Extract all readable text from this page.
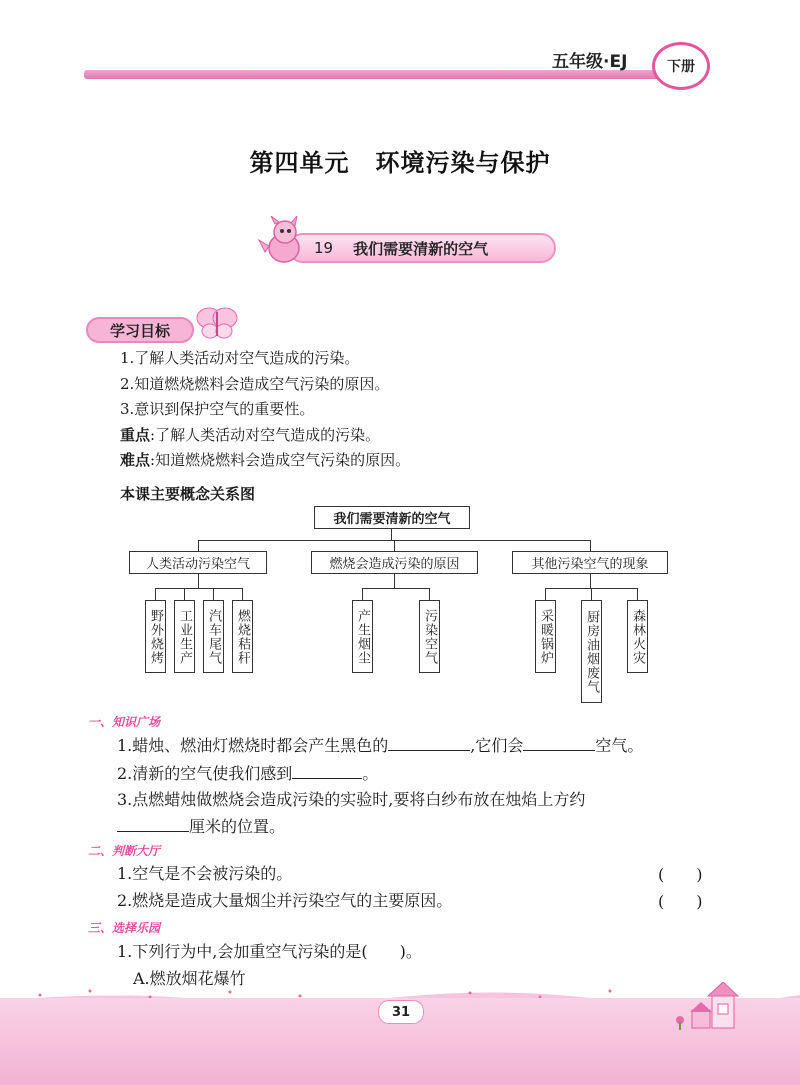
五年级·EJ	下册
第四单元 环境污染与保护
19 我们需要清新的空气
学习目标
1.了解人类活动对空气造成的污染。
2.知道燃烧燃料会造成空气污染的原因。
3.意识到保护空气的重要性。
重点:了解人类活动对空气造成的污染。
难点:知道燃烧燃料会造成空气污染的原因。
本课主要概念关系图
我们需要清新的空气
人类活动污染空气	燃烧会造成污染的原因	其他污染空气的现象
野外烧烤 工业生产 汽车尾气 燃烧秸秆	产生烟尘	污染空气	采暖锅炉 厨房油烟废气 森林火灾
一、知识广场
1.蜡烛、燃油灯燃烧时都会产生黑色的	,它们会	空气。
2.清新的空气使我们感到	。
3.点燃蜡烛做燃烧会造成污染的实验时,要将白纱布放在烛焰上方约
厘米的位置。
二、判断大厅
1.空气是不会被污染的。	(　　)
2.燃烧是造成大量烟尘并污染空气的主要原因。	(　　)
三、选择乐园
1.下列行为中,会加重空气污染的是(　　)。
A.燃放烟花爆竹
31
